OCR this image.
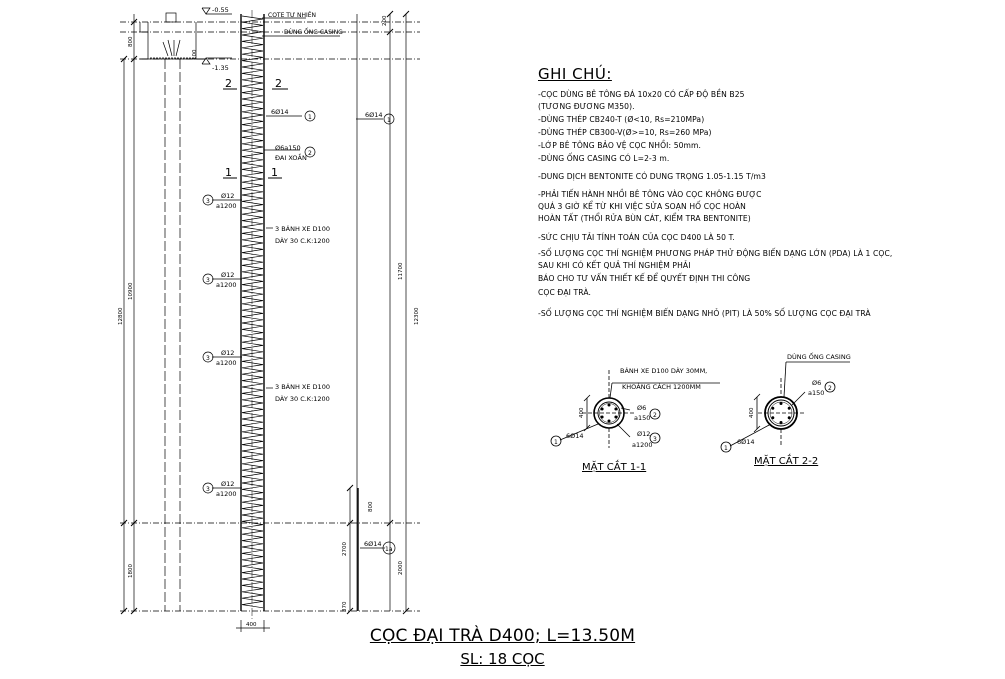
-0.55
-1.35
COTE TỰ NHIÊN
DÙNG ỐNG CASING
2	2
1	1
6Ø14
1
Ø6a150
ĐAI XOẮN
2
3
Ø12
a1200
3
Ø12
a1200
3
Ø12
a1200
3
Ø12
a1200
3 BÁNH XE D100
DÀY 30 C.K:1200
3 BÁNH XE D100
DÀY 30 C.K:1200
6Ø14
1
6Ø14
1a
800
100
200
10900
12800
1800
11700
12300
800
2700
2000
370
400
BÁNH XE D100 DÀY 30MM,
KHOẢNG CÁCH 1200MM
400	Ø6
a150
6Ø14	Ø12
a1200
2
3
1
MẶT CẮT 1-1
DÙNG ỐNG CASING
400
Ø6
a150
6Ø14
2
1
MẶT CẮT 2-2
GHI CHÚ:
-CỌC DÙNG BÊ TÔNG ĐÁ 10x20 CÓ CẤP ĐỘ BỀN B25
(TƯƠNG ĐƯƠNG M350).
-DÙNG THÉP CB240-T (Ø<10, Rs=210MPa)
-DÙNG THÉP CB300-V(Ø>=10, Rs=260 MPa)
-LỚP BÊ TÔNG BẢO VỆ CỌC NHỒI: 50mm.
-DÙNG ỐNG CASING CÓ L=2-3 m.
-DUNG DỊCH BENTONITE CÓ DUNG TRỌNG 1.05-1.15 T/m3
-PHẢI TIẾN HÀNH NHỒI BÊ TÔNG VÀO CỌC KHÔNG ĐƯỢC
QUÁ 3 GIỜ KỂ TỪ KHI VIỆC SỬA SOẠN HỐ CỌC HOÀN
HOÀN TẤT (THỔI RỬA BÙN CÁT, KIỂM TRA BENTONITE)
-SỨC CHỊU TẢI TÍNH TOÁN CỦA CỌC D400 LÀ 50 T.
-SỐ LƯỢNG CỌC THÍ NGHIỆM PHƯƠNG PHÁP THỬ ĐỘNG BIẾN DẠNG LỚN (PDA) LÀ 1 CỌC,
SAU KHI CÓ KẾT QUẢ THÍ NGHIỆM PHẢI
BÁO CHO TƯ VẤN THIẾT KẾ ĐỂ QUYẾT ĐỊNH THI CÔNG
CỌC ĐẠI TRÀ.
-SỐ LƯỢNG CỌC THÍ NGHIỆM BIẾN DẠNG NHỎ (PIT) LÀ 50% SỐ LƯỢNG CỌC ĐẠI TRÀ
CỌC ĐẠI TRÀ D400; L=13.50M
SL: 18 CỌC
